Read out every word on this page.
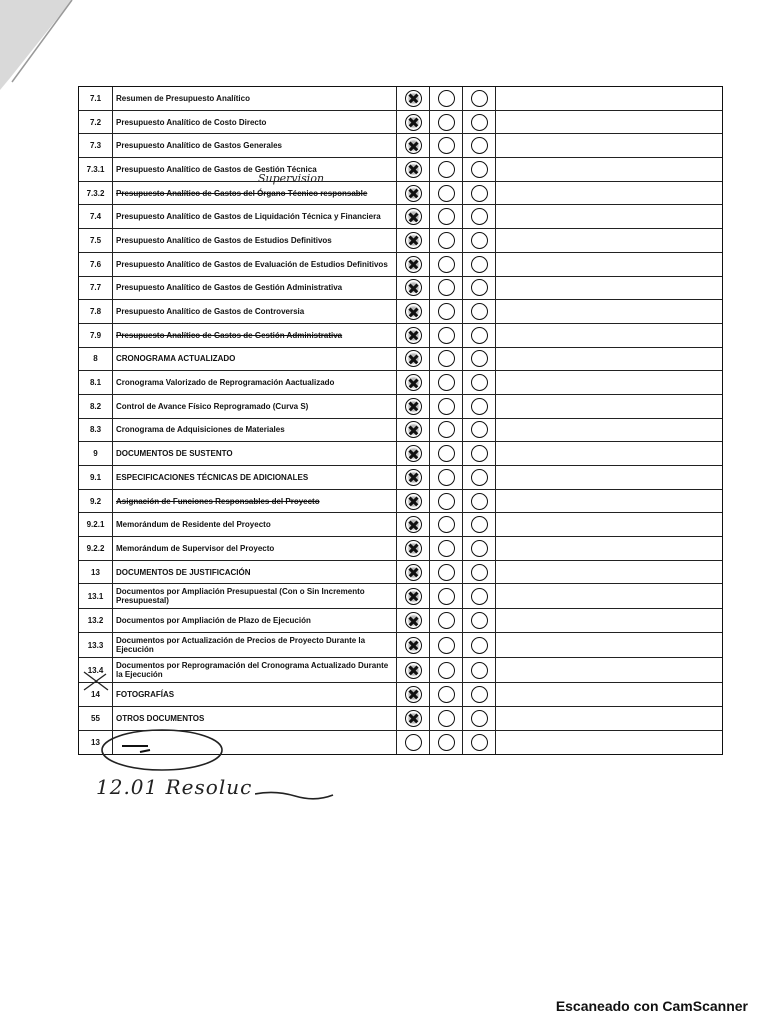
7.1	Resumen de Presupuesto Analítico
7.2	Presupuesto Analítico de Costo Directo
7.3	Presupuesto Analítico de Gastos Generales
7.3.1	Presupuesto Analítico de Gastos de Gestión Técnica
7.3.2	Presupuesto Analítico de Gastos del Órgano Técnico responsable
7.4	Presupuesto Analítico de Gastos de Liquidación Técnica y Financiera
7.5	Presupuesto Analítico de Gastos de Estudios Definitivos
7.6	Presupuesto Analítico de Gastos de Evaluación de Estudios Definitivos
7.7	Presupuesto Analítico de Gastos de Gestión Administrativa
7.8	Presupuesto Analítico de Gastos de Controversia
7.9	Presupuesto Analítico de Gastos de Gestión Administrativa
8	CRONOGRAMA ACTUALIZADO
8.1	Cronograma Valorizado de Reprogramación Aactualizado
8.2	Control de Avance Físico Reprogramado (Curva S)
8.3	Cronograma de Adquisiciones de Materiales
9	DOCUMENTOS DE SUSTENTO
9.1	ESPECIFICACIONES TÉCNICAS DE ADICIONALES
9.2	Asignación de Funciones Responsables del Proyecto
9.2.1	Memorándum de Residente del Proyecto
9.2.2	Memorándum de Supervisor del Proyecto
13	DOCUMENTOS DE JUSTIFICACIÓN
13.1	Documentos por Ampliación Presupuestal (Con o Sin Incremento Presupuestal)
13.2	Documentos por Ampliación de Plazo de Ejecución
13.3	Documentos por Actualización de Precios de Proyecto Durante la Ejecución
13.4	Documentos por Reprogramación del Cronograma Actualizado Durante la Ejecución
14	FOTOGRAFÍAS
55	OTROS DOCUMENTOS
13
12.01 Resoluc
Escaneado con CamScanner
Supervision
